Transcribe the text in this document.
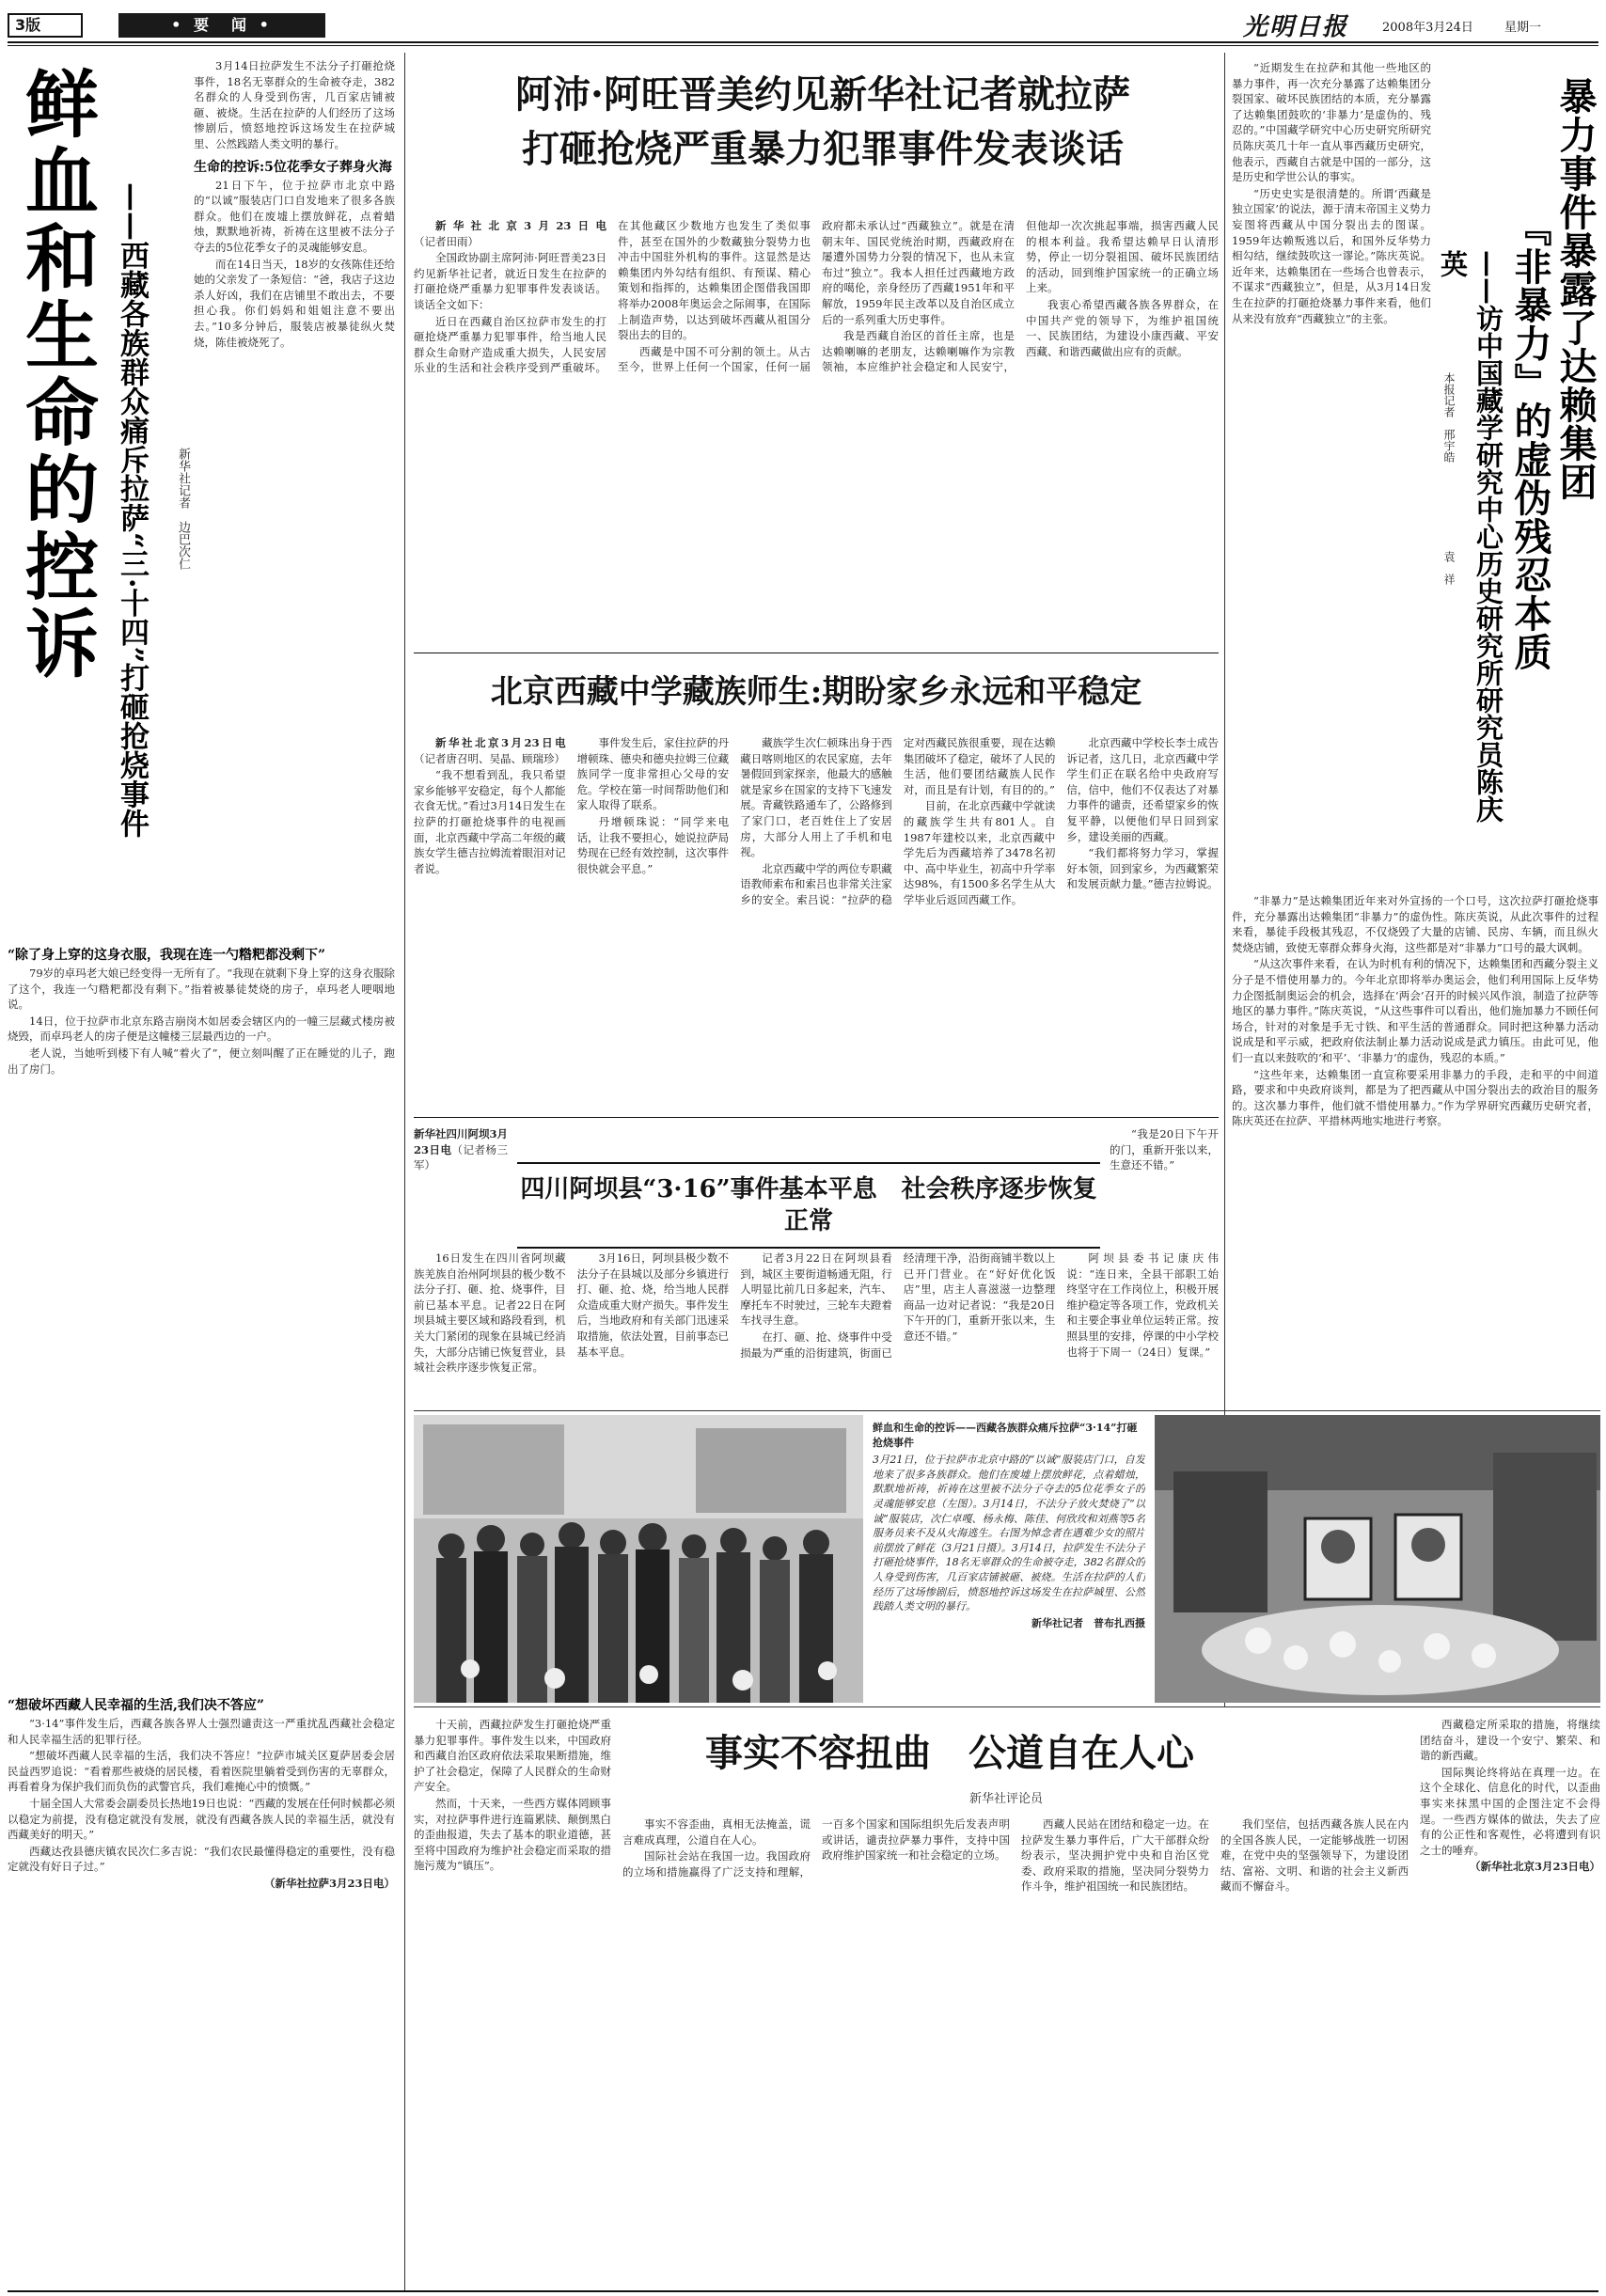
3版	• 要　闻 •	光明日报	2008年3月24日	星期一
鲜血和生命的控诉 ——西藏各族群众痛斥拉萨“三·十四”打砸抢烧事件	新华社记者　边巴次仁

3月14日拉萨发生不法分子打砸抢烧事件，18名无辜群众的生命被夺走，382名群众的人身受到伤害，几百家店铺被砸、被烧。生活在拉萨的人们经历了这场惨剧后，愤怒地控诉这场发生在拉萨城里、公然践踏人类文明的暴行。

生命的控诉:5位花季女子葬身火海

21日下午，位于拉萨市北京中路的“以诚”服装店门口自发地来了很多各族群众。他们在废墟上摆放鲜花，点着蜡烛，默默地祈祷，祈祷在这里被不法分子夺去的5位花季女子的灵魂能够安息。

而在14日当天，18岁的女孩陈佳还给她的父亲发了一条短信：“爸，我店子这边杀人好凶，我们在店铺里不敢出去，不要担心我。你们妈妈和姐姐注意不要出去。”10多分钟后，服装店被暴徒纵火焚烧，陈佳被烧死了。

“除了身上穿的这身衣服，我现在连一勺糌粑都没剩下”

79岁的卓玛老大娘已经变得一无所有了。“我现在就剩下身上穿的这身衣服除了这个，我连一勺糌粑都没有剩下。”指着被暴徒焚烧的房子，卓玛老人哽咽地说。

14日，位于拉萨市北京东路吉崩岗木如居委会辖区内的一幢三层藏式楼房被烧毁，而卓玛老人的房子便是这幢楼三层最西边的一户。

老人说，当她听到楼下有人喊“着火了”，便立刻叫醒了正在睡觉的儿子，跑出了房门。

“想破坏西藏人民幸福的生活,我们决不答应”

“3·14”事件发生后，西藏各族各界人士强烈谴责这一严重扰乱西藏社会稳定和人民幸福生活的犯罪行径。

“想破坏西藏人民幸福的生活，我们决不答应！”拉萨市城关区夏萨居委会居民益西罗追说：“看着那些被烧的居民楼，看着医院里躺着受到伤害的无辜群众，再看着身为保护我们而负伤的武警官兵，我们难掩心中的愤慨。”

十届全国人大常委会副委员长热地19日也说：“西藏的发展在任何时候都必须以稳定为前提，没有稳定就没有发展，就没有西藏各族人民的幸福生活，就没有西藏美好的明天。”

西藏达孜县德庆镇农民次仁多吉说：“我们农民最懂得稳定的重要性，没有稳定就没有好日子过。”

（新华社拉萨3月23日电）

阿沛·阿旺晋美约见新华社记者就拉萨
打砸抢烧严重暴力犯罪事件发表谈话

新华社北京3月23日电（记者田雨）

全国政协副主席阿沛·阿旺晋美23日约见新华社记者，就近日发生在拉萨的打砸抢烧严重暴力犯罪事件发表谈话。谈话全文如下：

近日在西藏自治区拉萨市发生的打砸抢烧严重暴力犯罪事件，给当地人民群众生命财产造成重大损失，人民安居乐业的生活和社会秩序受到严重破坏。在其他藏区少数地方也发生了类似事件，甚至在国外的少数藏独分裂势力也冲击中国驻外机构的事件。这显然是达赖集团内外勾结有组织、有预谋、精心策划和指挥的，达赖集团企图借我国即将举办2008年奥运会之际闹事，在国际上制造声势，以达到破坏西藏从祖国分裂出去的目的。

西藏是中国不可分割的领土。从古至今，世界上任何一个国家，任何一届政府都未承认过“西藏独立”。就是在清朝末年、国民党统治时期，西藏政府在屡遭外国势力分裂的情况下，也从未宣布过“独立”。我本人担任过西藏地方政府的噶伦，亲身经历了西藏1951年和平解放，1959年民主改革以及自治区成立后的一系列重大历史事件。

我是西藏自治区的首任主席，也是达赖喇嘛的老朋友，达赖喇嘛作为宗教领袖，本应维护社会稳定和人民安宁，但他却一次次挑起事端，损害西藏人民的根本利益。我希望达赖早日认清形势，停止一切分裂祖国、破坏民族团结的活动，回到维护国家统一的正确立场上来。

我衷心希望西藏各族各界群众，在中国共产党的领导下，为维护祖国统一、民族团结，为建设小康西藏、平安西藏、和谐西藏做出应有的贡献。

“近期发生在拉萨和其他一些地区的暴力事件，再一次充分暴露了达赖集团分裂国家、破坏民族团结的本质，充分暴露了达赖集团鼓吹的‘非暴力’是虚伪的、残忍的。”中国藏学研究中心历史研究所研究员陈庆英几十年一直从事西藏历史研究，他表示，西藏自古就是中国的一部分，这是历史和学世公认的事实。

“历史史实是很清楚的。所谓‘西藏是独立国家’的说法，源于清末帝国主义势力妄图将西藏从中国分裂出去的图谋。1959年达赖叛逃以后，和国外反华势力相勾结，继续鼓吹这一谬论。”陈庆英说。近年来，达赖集团在一些场合也曾表示，不谋求“西藏独立”，但是，从3月14日发生在拉萨的打砸抢烧暴力事件来看，他们从来没有放弃“西藏独立”的主张。

本报记者　邢宇皓
袁　祥 ——访中国藏学研究中心历史研究所研究员陈庆英	『非暴力』的虚伪残忍本质 暴力事件暴露了达赖集团

“非暴力”是达赖集团近年来对外宣扬的一个口号，这次拉萨打砸抢烧事件，充分暴露出达赖集团“非暴力”的虚伪性。陈庆英说，从此次事件的过程来看，暴徒手段极其残忍，不仅烧毁了大量的店铺、民房、车辆，而且纵火焚烧店铺，致使无辜群众葬身火海，这些都是对“非暴力”口号的最大讽刺。

“从这次事件来看，在认为时机有利的情况下，达赖集团和西藏分裂主义分子是不惜使用暴力的。今年北京即将举办奥运会，他们利用国际上反华势力企图抵制奥运会的机会，选择在‘两会’召开的时候兴风作浪，制造了拉萨等地区的暴力事件。”陈庆英说，“从这些事件可以看出，他们施加暴力不顾任何场合，针对的对象是手无寸铁、和平生活的普通群众。同时把这种暴力活动说成是和平示威，把政府依法制止暴力活动说成是武力镇压。由此可见，他们一直以来鼓吹的‘和平’、‘非暴力’的虚伪，残忍的本质。”

“这些年来，达赖集团一直宣称要采用非暴力的手段，走和平的中间道路，要求和中央政府谈判，都是为了把西藏从中国分裂出去的政治目的服务的。这次暴力事件，他们就不惜使用暴力。”作为学界研究西藏历史研究者，陈庆英还在拉萨、平措林两地实地进行考察。

北京西藏中学藏族师生:期盼家乡永远和平稳定

新华社北京3月23日电（记者唐召明、吴晶、顾瑞珍）

“我不想看到乱，我只希望家乡能够平安稳定，每个人都能衣食无忧。”看过3月14日发生在拉萨的打砸抢烧事件的电视画面，北京西藏中学高二年级的藏族女学生德吉拉姆流着眼泪对记者说。

事件发生后，家住拉萨的丹增顿珠、德央和德央拉姆三位藏族同学一度非常担心父母的安危。学校在第一时间帮助他们和家人取得了联系。

丹增顿珠说：“同学来电话，让我不要担心，她说拉萨局势现在已经有效控制，这次事件很快就会平息。”

藏族学生次仁顿珠出身于西藏日喀则地区的农民家庭，去年暑假回到家探亲，他最大的感触就是家乡在国家的支持下飞速发展。青藏铁路通车了，公路修到了家门口，老百姓住上了安居房，大部分人用上了手机和电视。

北京西藏中学的两位专职藏语教师索布和索吕也非常关注家乡的安全。索吕说：“拉萨的稳定对西藏民族很重要，现在达赖集团破坏了稳定，破坏了人民的生活，他们要团结藏族人民作对，而且是有计划，有目的的。”

目前，在北京西藏中学就读的藏族学生共有801人。自1987年建校以来，北京西藏中学先后为西藏培养了3478名初中、高中毕业生，初高中升学率达98%，有1500多名学生从大学毕业后返回西藏工作。

北京西藏中学校长李士成告诉记者，这几日，北京西藏中学学生们正在联名给中央政府写信，信中，他们不仅表达了对暴力事件的谴责，还希望家乡的恢复平静，以便他们早日回到家乡，建设美丽的西藏。

“我们都将努力学习，掌握好本领，回到家乡，为西藏繁荣和发展贡献力量。”德吉拉姆说。

新华社四川阿坝3月23日电（记者杨三军）

四川阿坝县“3·16”事件基本平息　社会秩序逐步恢复正常

16日发生在四川省阿坝藏族羌族自治州阿坝县的极少数不法分子打、砸、抢、烧事件，目前已基本平息。记者22日在阿坝县城主要区域和路段看到，机关大门紧闭的现象在县城已经消失，大部分店铺已恢复营业，县城社会秩序逐步恢复正常。

3月16日，阿坝县极少数不法分子在县城以及部分乡镇进行打、砸、抢、烧，给当地人民群众造成重大财产损失。事件发生后，当地政府和有关部门迅速采取措施，依法处置，目前事态已基本平息。

记者3月22日在阿坝县看到，城区主要街道畅通无阻，行人明显比前几日多起来，汽车、摩托车不时驶过，三轮车夫蹬着车找寻生意。

在打、砸、抢、烧事件中受损最为严重的沿街建筑，街面已经清理干净，沿街商铺半数以上已开门营业。在“好好优化饭店”里，店主人喜滋滋一边整理商品一边对记者说：“我是20日下午开的门，重新开张以来，生意还不错。”

阿坝县委书记康庆伟说：“连日来，全县干部职工始终坚守在工作岗位上，积极开展维护稳定等各项工作，党政机关和主要企事业单位运转正常。按照县里的安排，停课的中小学校也将于下周一（24日）复课。”

“我是20日下午开的门，重新开张以来，生意还不错。”

鲜血和生命的控诉——西藏各族群众痛斥拉萨“3·14”打砸抢烧事件
3月21日，位于拉萨市北京中路的“以诚”服装店门口，自发地来了很多各族群众。他们在废墟上摆放鲜花，点着蜡烛，默默地祈祷，祈祷在这里被不法分子夺去的5位花季女子的灵魂能够安息（左图）。3月14日，不法分子放火焚烧了“以诚”服装店，次仁卓嘎、杨永梅、陈佳、何欣玫和刘燕等5名服务员来不及从火海逃生。右图为悼念者在遇难少女的照片前摆放了鲜花（3月21日摄）。3月14日，拉萨发生不法分子打砸抢烧事件，18名无辜群众的生命被夺走，382名群众的人身受到伤害，几百家店铺被砸、被烧。生活在拉萨的人们经历了这场惨剧后，愤怒地控诉这场发生在拉萨城里、公然践踏人类文明的暴行。
新华社记者　普布扎西摄
事实不容扭曲　公道自在人心
新华社评论员

十天前，西藏拉萨发生打砸抢烧严重暴力犯罪事件。事件发生以来，中国政府和西藏自治区政府依法采取果断措施，维护了社会稳定，保障了人民群众的生命财产安全。

然而，十天来，一些西方媒体罔顾事实，对拉萨事件进行连篇累牍、颠倒黑白的歪曲报道，失去了基本的职业道德，甚至将中国政府为维护社会稳定而采取的措施污蔑为“镇压”。

事实不容歪曲，真相无法掩盖，谎言难成真理，公道自在人心。

国际社会站在我国一边。我国政府的立场和措施赢得了广泛支持和理解，一百多个国家和国际组织先后发表声明或讲话，谴责拉萨暴力事件，支持中国政府维护国家统一和社会稳定的立场。

西藏人民站在团结和稳定一边。在拉萨发生暴力事件后，广大干部群众纷纷表示，坚决拥护党中央和自治区党委、政府采取的措施，坚决同分裂势力作斗争，维护祖国统一和民族团结。

我们坚信，包括西藏各族人民在内的全国各族人民，一定能够战胜一切困难，在党中央的坚强领导下，为建设团结、富裕、文明、和谐的社会主义新西藏而不懈奋斗。

西藏稳定所采取的措施，将继续团结奋斗，建设一个安宁、繁荣、和谐的新西藏。

国际舆论终将站在真理一边。在这个全球化、信息化的时代，以歪曲事实来抹黑中国的企图注定不会得逞。一些西方媒体的做法，失去了应有的公正性和客观性，必将遭到有识之士的唾弃。

（新华社北京3月23日电）
